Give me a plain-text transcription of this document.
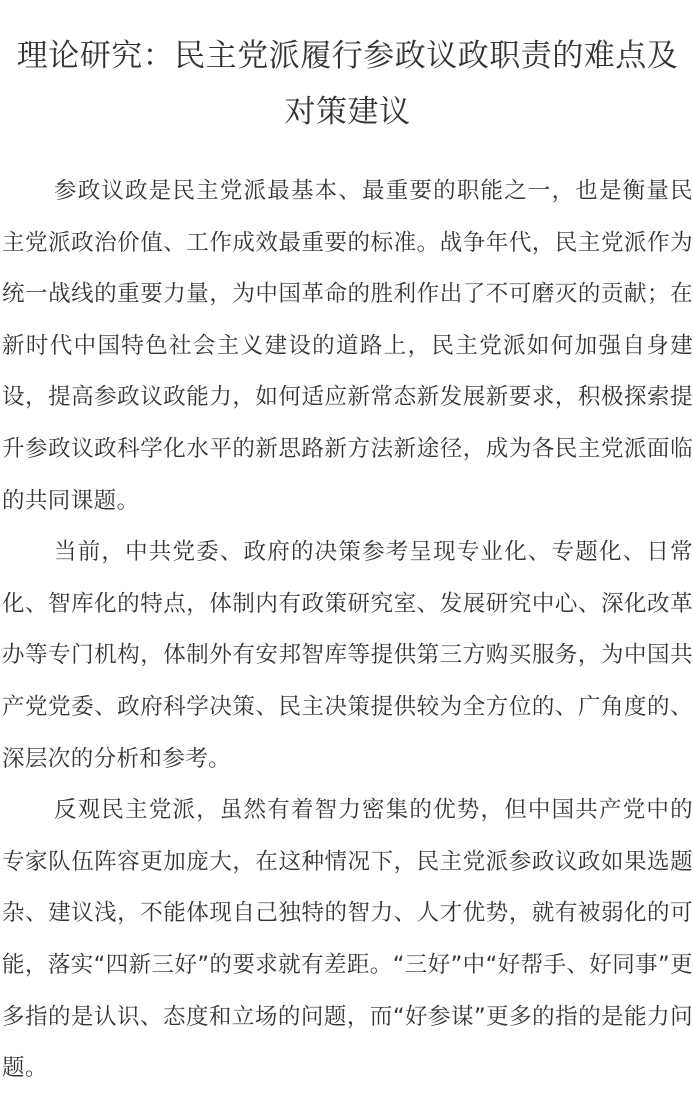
理论研究：民主党派履行参政议政职责的难点及对策建议

参政议政是民主党派最基本、最重要的职能之一，也是衡量民主党派政治价值、工作成效最重要的标准。战争年代，民主党派作为统一战线的重要力量，为中国革命的胜利作出了不可磨灭的贡献；在新时代中国特色社会主义建设的道路上，民主党派如何加强自身建设，提高参政议政能力，如何适应新常态新发展新要求，积极探索提升参政议政科学化水平的新思路新方法新途径，成为各民主党派面临的共同课题。

当前，中共党委、政府的决策参考呈现专业化、专题化、日常化、智库化的特点，体制内有政策研究室、发展研究中心、深化改革办等专门机构，体制外有安邦智库等提供第三方购买服务，为中国共产党党委、政府科学决策、民主决策提供较为全方位的、广角度的、深层次的分析和参考。

反观民主党派，虽然有着智力密集的优势，但中国共产党中的专家队伍阵容更加庞大，在这种情况下，民主党派参政议政如果选题杂、建议浅，不能体现自己独特的智力、人才优势，就有被弱化的可能，落实“四新三好”的要求就有差距。“三好”中“好帮手、好同事”更多指的是认识、态度和立场的问题，而“好参谋”更多的指的是能力问题。
